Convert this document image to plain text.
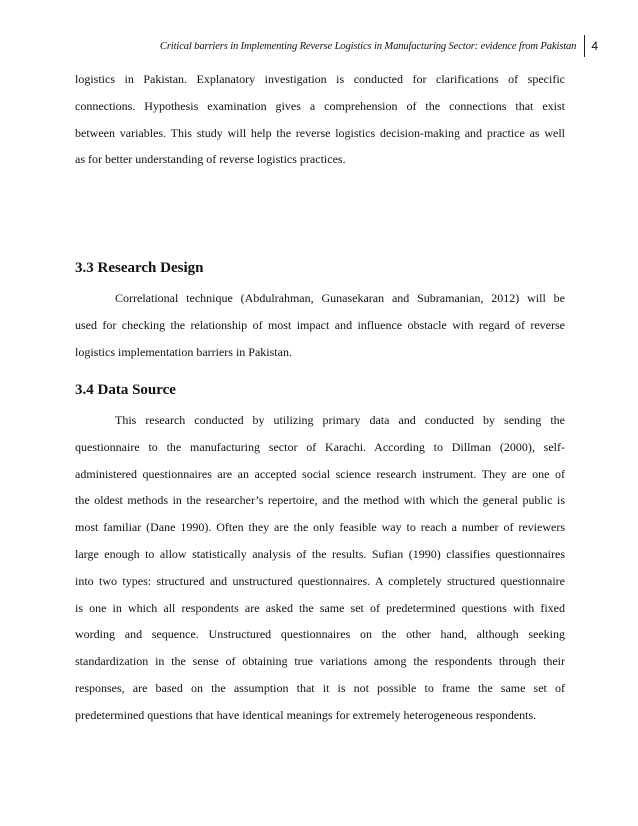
Critical barriers in Implementing Reverse Logistics in Manufacturing Sector: evidence from Pakistan	4
logistics in Pakistan. Explanatory investigation is conducted for clarifications of specific
connections. Hypothesis examination gives a comprehension of the connections that exist
between variables. This study will help the reverse logistics decision-making and practice as well
as for better understanding of reverse logistics practices.
3.3 Research Design
Correlational technique (Abdulrahman, Gunasekaran and Subramanian, 2012) will be
used for checking the relationship of most impact and influence obstacle with regard of reverse
logistics implementation barriers in Pakistan.
3.4 Data Source
This research conducted by utilizing primary data and conducted by sending the
questionnaire to the manufacturing sector of Karachi. According to Dillman (2000), self-
administered questionnaires are an accepted social science research instrument. They are one of
the oldest methods in the researcher’s repertoire, and the method with which the general public is
most familiar (Dane 1990). Often they are the only feasible way to reach a number of reviewers
large enough to allow statistically analysis of the results. Sufian (1990) classifies questionnaires
into two types: structured and unstructured questionnaires. A completely structured questionnaire
is one in which all respondents are asked the same set of predetermined questions with fixed
wording and sequence. Unstructured questionnaires on the other hand, although seeking
standardization in the sense of obtaining true variations among the respondents through their
responses, are based on the assumption that it is not possible to frame the same set of
predetermined questions that have identical meanings for extremely heterogeneous respondents.
